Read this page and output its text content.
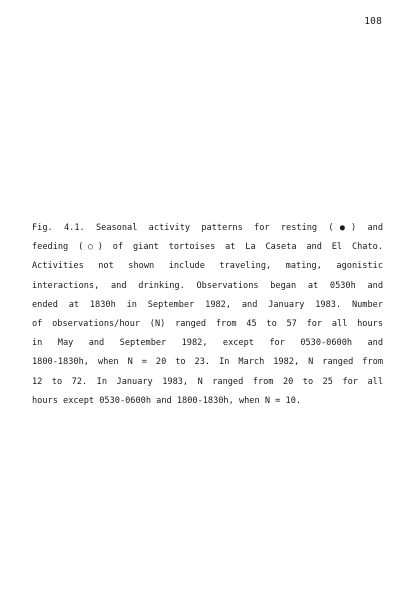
108
Fig. 4.1. Seasonal activity patterns for resting (●) and
feeding (○) of giant tortoises at La Caseta and El Chato.
Activities not shown include traveling, mating, agonistic
interactions, and drinking. Observations began at 0530h and
ended at 1830h in September 1982, and January 1983. Number
of observations/hour (N) ranged from 45 to 57 for all hours
in May and September 1982, except for 0530-0600h and
1800-1830h, when N = 20 to 23. In March 1982, N ranged from
12 to 72. In January 1983, N ranged from 20 to 25 for all
hours except 0530-0600h and 1800-1830h, when N = 10.
